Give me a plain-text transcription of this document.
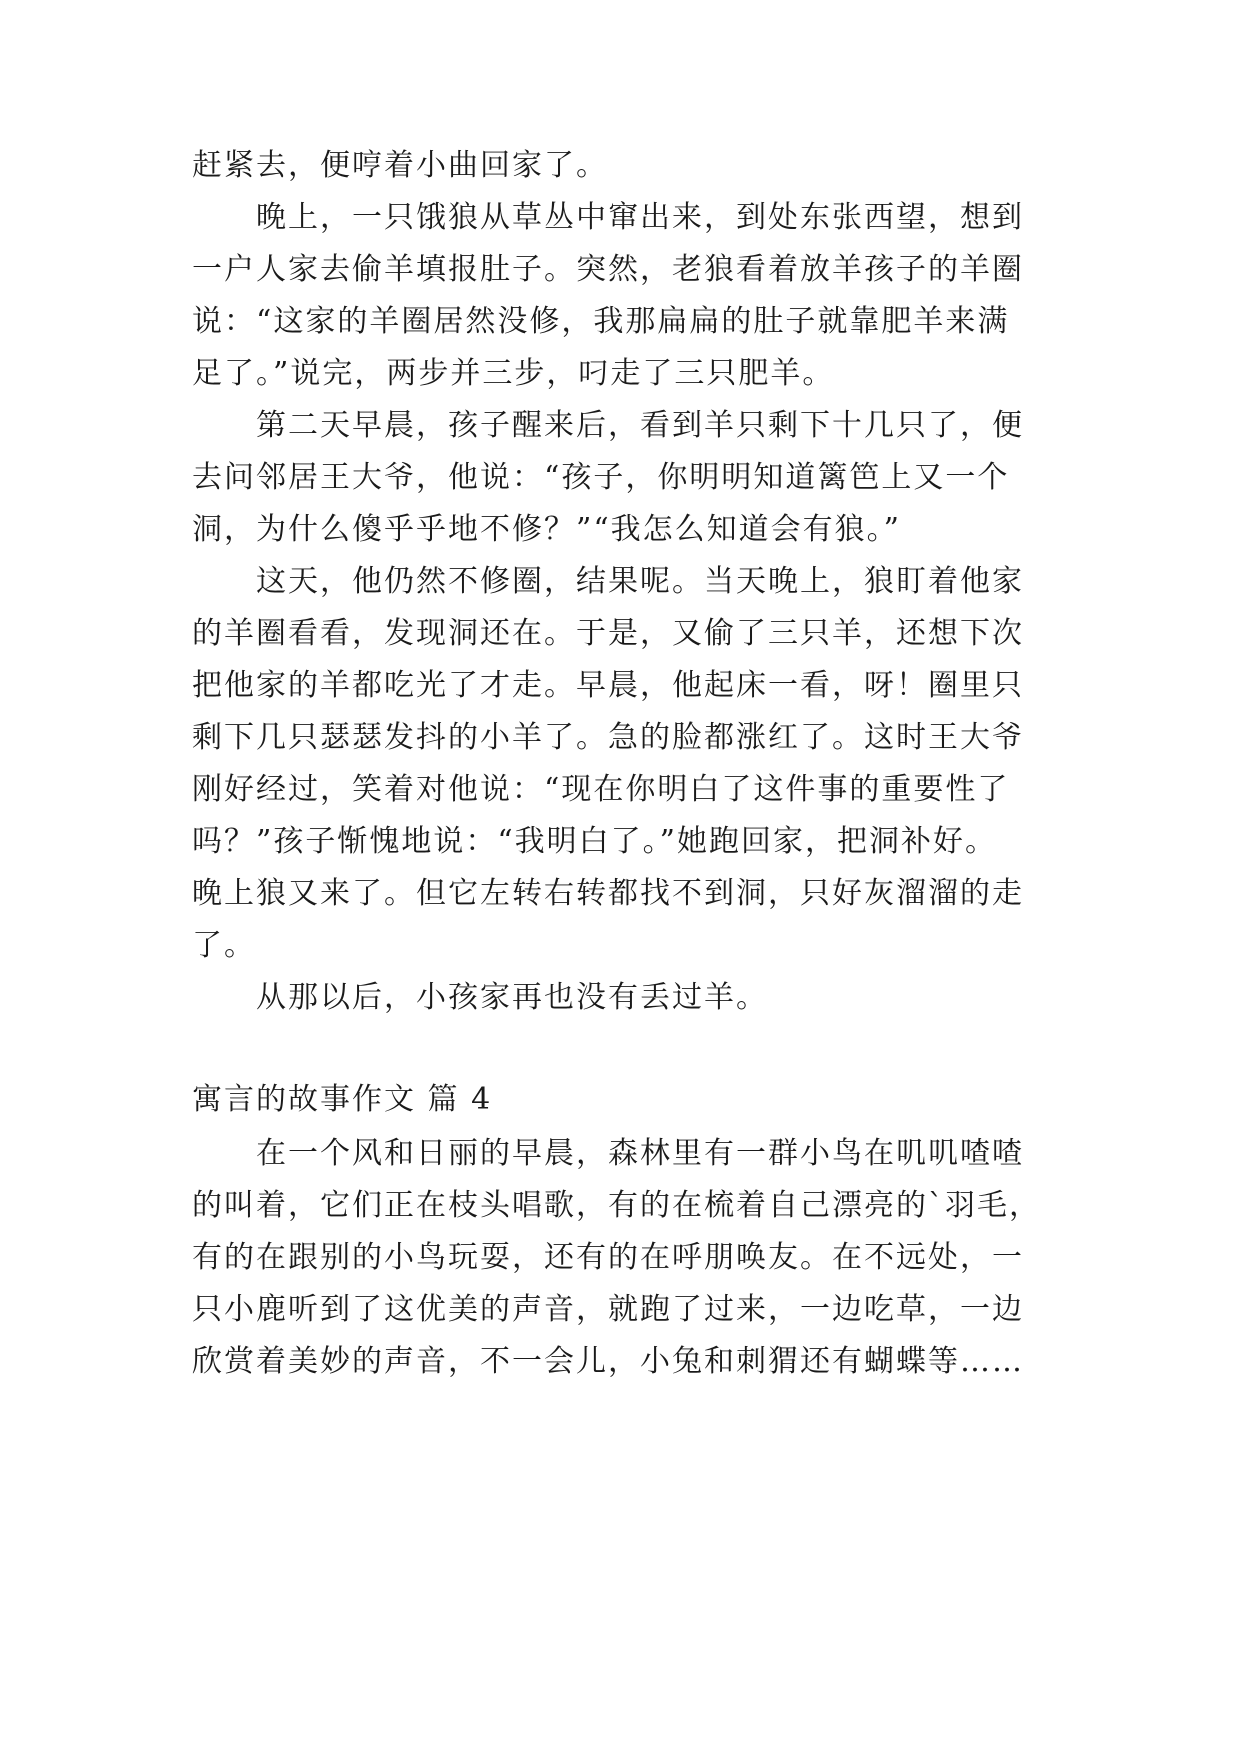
赶紧去，便哼着小曲回家了。
晚上，一只饿狼从草丛中窜出来，到处东张西望，想到
一户人家去偷羊填报肚子。突然，老狼看着放羊孩子的羊圈
说：“这家的羊圈居然没修，我那扁扁的肚子就靠肥羊来满
足了。”说完，两步并三步，叼走了三只肥羊。
第二天早晨，孩子醒来后，看到羊只剩下十几只了，便
去问邻居王大爷，他说：“孩子，你明明知道篱笆上又一个
洞，为什么傻乎乎地不修？”“我怎么知道会有狼。”
这天，他仍然不修圈，结果呢。当天晚上，狼盯着他家
的羊圈看看，发现洞还在。于是，又偷了三只羊，还想下次
把他家的羊都吃光了才走。早晨，他起床一看，呀！圈里只
剩下几只瑟瑟发抖的小羊了。急的脸都涨红了。这时王大爷
刚好经过，笑着对他说：“现在你明白了这件事的重要性了
吗？”孩子惭愧地说：“我明白了。”她跑回家，把洞补好。
晚上狼又来了。但它左转右转都找不到洞，只好灰溜溜的走
了。
从那以后，小孩家再也没有丢过羊。
寓言的故事作文 篇 4
在一个风和日丽的早晨，森林里有一群小鸟在叽叽喳喳
的叫着，它们正在枝头唱歌，有的在梳着自己漂亮的`羽毛，
有的在跟别的小鸟玩耍，还有的在呼朋唤友。在不远处，一
只小鹿听到了这优美的声音，就跑了过来，一边吃草，一边
欣赏着美妙的声音，不一会儿，小兔和刺猬还有蝴蝶等……
